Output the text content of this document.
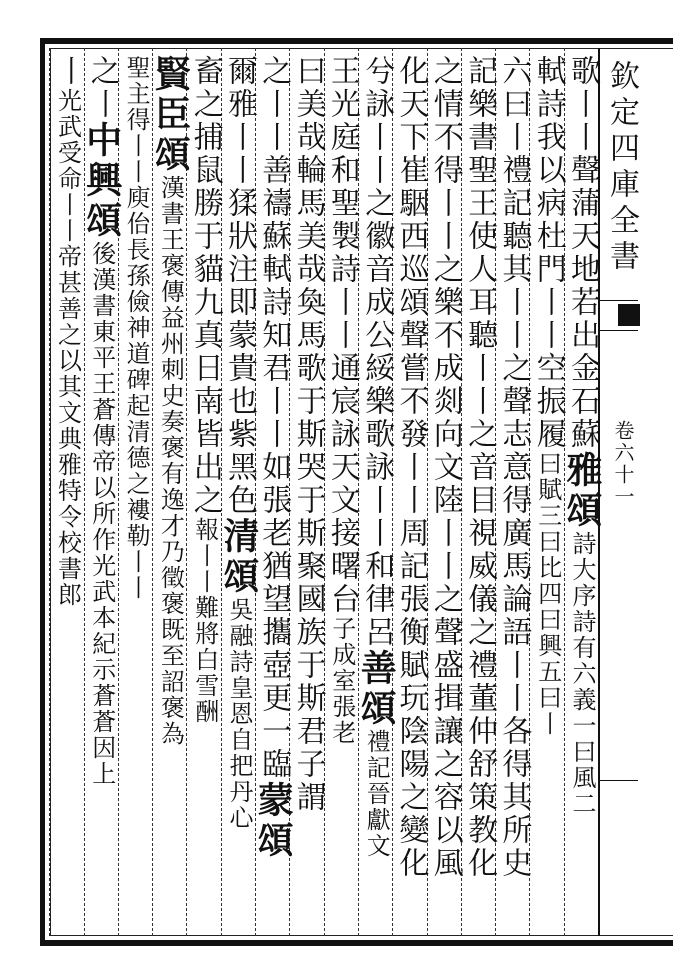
欽定四庫全書
卷六十一
歌丨丨聲蒲天地若出金石蘇雅頌詩大序詩有六義一曰風二
軾詩我以病杜門丨丨空振履曰賦三曰比四曰興五曰丨
六曰丨禮記聽其丨丨之聲志意得廣馬論語丨丨各得其所史
記樂書聖王使人耳聽丨丨之音目視威儀之禮董仲舒策教化
之情不得丨丨之樂不成剡向文陸丨丨之聲盛揖讓之容以風
化天下崔駰西巡頌聲嘗不發丨丨周記張衡賦玩陰陽之變化
兮詠丨丨之徽音成公綏樂歌詠丨丨和律呂善頌禮記晉獻文
王光庭和聖製詩丨丨通宸詠天文接曙台子成室張老
曰美哉輪馬美哉奐馬歌于斯哭于斯聚國族于斯君子謂
之丨丨善禱蘇軾詩知君丨丨如張老猶望攜壺更一臨蒙頌
爾雅丨丨猱狀注即蒙貴也紫黑色清頌吳融詩皇恩自把丹心
畜之捕鼠勝于貓九真日南皆出之報丨丨難將白雪酬
賢臣頌漢書王褒傳益州刺史奏褒有逸才乃徵褒既至詔褒為
聖主得丨丨庾佁長孫儉神道碑起清德之褸勒丨丨
之丨中興頌後漢書東平王蒼傳帝以所作光武本紀示蒼蒼因上
丨光武受命丨丨帝甚善之以其文典雅特令校書郎
